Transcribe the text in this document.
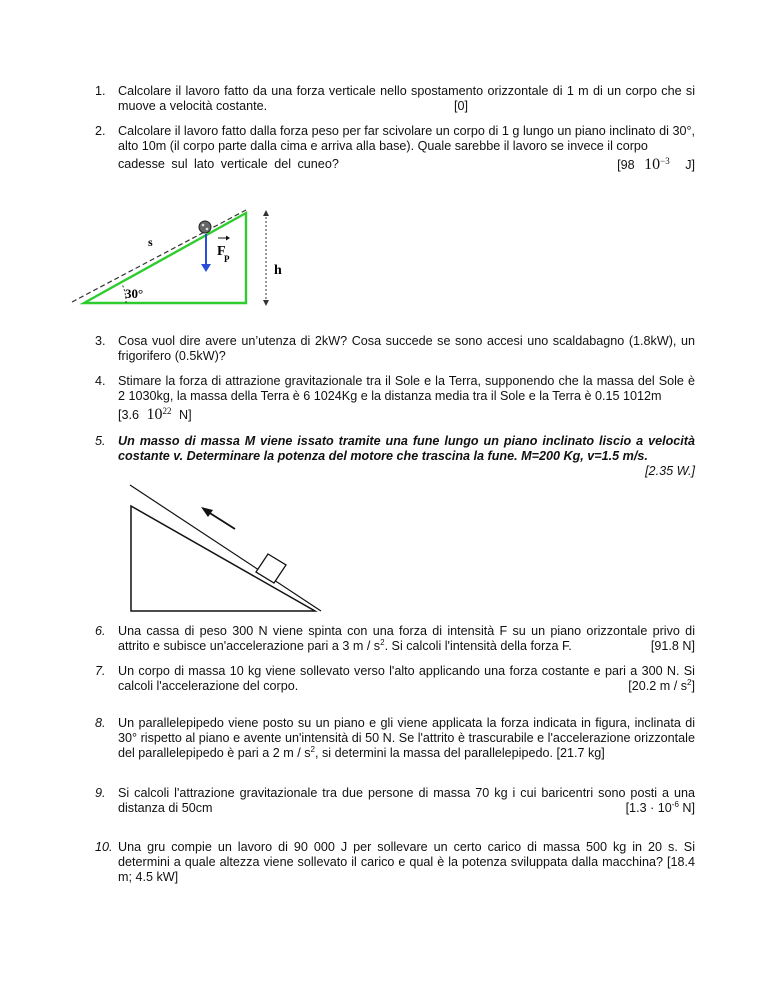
1. Calcolare il lavoro fatto da una forza verticale nello spostamento orizzontale di 1 m di un corpo che si muove a velocità costante.	[0]
2. Calcolare il lavoro fatto dalla forza peso per far scivolare un corpo di 1 g lungo un piano inclinato di 30°, alto 10m (il corpo parte dalla cima e arriva alla base). Quale sarebbe il lavoro se invece il corpo
cadesse sul lato verticale del cuneo?	[98 $10^{-3}$ J]
s
30°
F
P
h
3. Cosa vuol dire avere un’utenza di 2kW? Cosa succede se sono accesi uno scaldabagno (1.8kW), un frigorifero (0.5kW)?
4. Stimare la forza di attrazione gravitazionale tra il Sole e la Terra, supponendo che la massa del Sole è 2 1030kg, la massa della Terra è 6 1024Kg e la distanza media tra il Sole e la Terra è 0.15 1012m
[3.6 $10^{22}$ N]
5. Un masso di massa M viene issato tramite una fune lungo un piano inclinato liscio a velocità costante v. Determinare la potenza del motore che trascina la fune. M=200 Kg, v=1.5 m/s.
[2.35 W.]
6. Una cassa di peso 300 N viene spinta con una forza di intensità F su un piano orizzontale privo di attrito e subisce un'accelerazione pari a 3 m / $s^2$. Si calcoli l'intensità della forza F.	[91.8 N]
7. Un corpo di massa 10 kg viene sollevato verso l'alto applicando una forza costante e pari a 300 N. Si calcoli l'accelerazione del corpo.	[20.2 m / $s^2$]
8. Un parallelepipedo viene posto su un piano e gli viene applicata la forza indicata in figura, inclinata di 30° rispetto al piano e avente un'intensità di 50 N. Se l'attrito è trascurabile e l'accelerazione orizzontale del parallelepipedo è pari a 2 m / $s^2$, si determini la massa del parallelepipedo. [21.7 kg]
9. Si calcoli l'attrazione gravitazionale tra due persone di massa 70 kg i cui baricentri sono posti a una distanza di 50cm	[$1.3 \cdot 10^{-6}$ N]
10. Una gru compie un lavoro di 90 000 J per sollevare un certo carico di massa 500 kg in 20 s. Si determini a quale altezza viene sollevato il carico e qual è la potenza sviluppata dalla macchina? [18.4 m; 4.5 kW]
